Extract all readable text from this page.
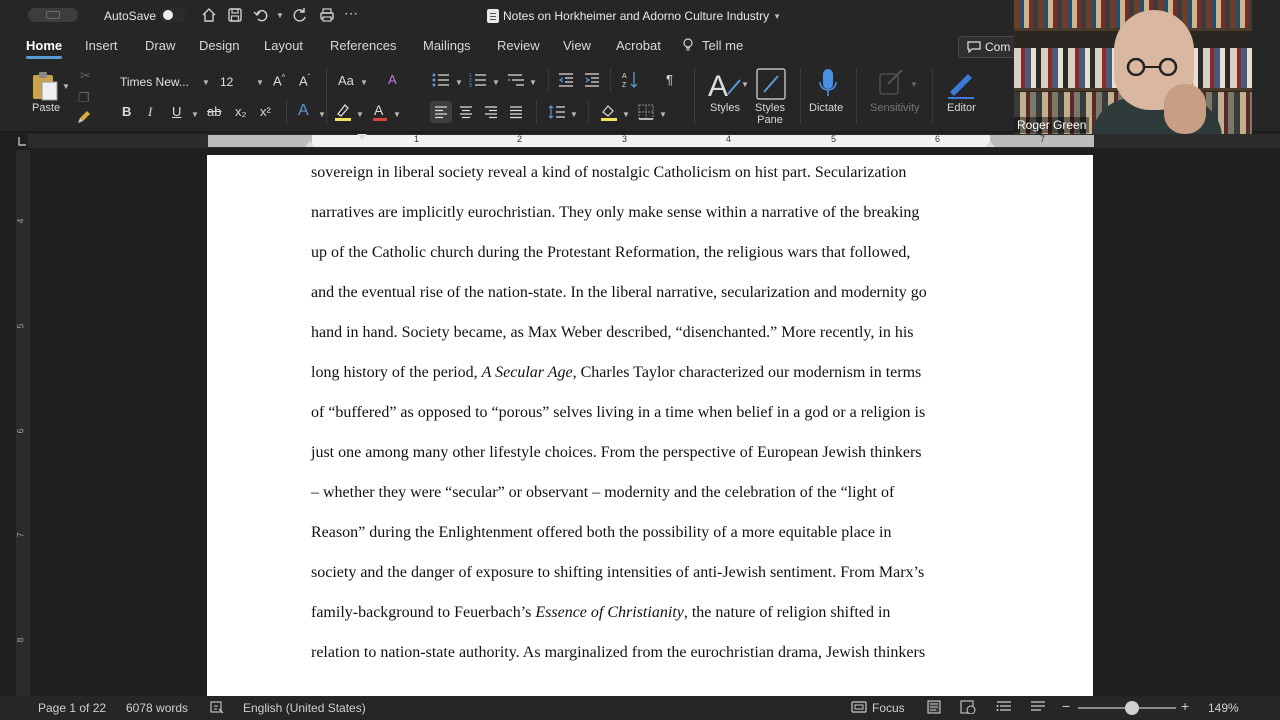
AutoSave	▼	⋯	Notes on Horkheimer and Adorno Culture Industry ▼
Home Insert Draw Design Layout References Mailings Review View Acrobat	Tell me	Com
▼
Paste
✂
❐
Times New... ▼ 12	▼ A^ $A^ˇ$ Aa ▼ A
B I U ▼ ab x₂ x² A ▼	▼ A ▼
▼
1
2
3	▼	▼
A
Z	¶
▼	▼	▼
A ▼
Styles Styles
Pane
Dictate
▼
Sensitivity Editor
Roger Green
1	1	2	3	4	5	6	7
4
5
6
7
8

sovereign in liberal society reveal a kind of nostalgic Catholicism on hist part. Secularization

narratives are implicitly eurochristian. They only make sense within a narrative of the breaking

up of the Catholic church during the Protestant Reformation, the religious wars that followed,

and the eventual rise of the nation-state. In the liberal narrative, secularization and modernity go

hand in hand. Society became, as Max Weber described, “disenchanted.” More recently, in his

long history of the period, A Secular Age, Charles Taylor characterized our modernism in terms

of “buffered” as opposed to “porous” selves living in a time when belief in a god or a religion is

just one among many other lifestyle choices. From the perspective of European Jewish thinkers

– whether they were “secular” or observant – modernity and the celebration of the “light of

Reason” during the Enlightenment offered both the possibility of a more equitable place in

society and the danger of exposure to shifting intensities of anti-Jewish sentiment. From Marx’s

family-background to Feuerbach’s Essence of Christianity, the nature of religion shifted in

relation to nation-state authority. As marginalized from the eurochristian drama, Jewish thinkers

Page 1 of 22 6078 words	English (United States)	Focus	−	+ 149%
